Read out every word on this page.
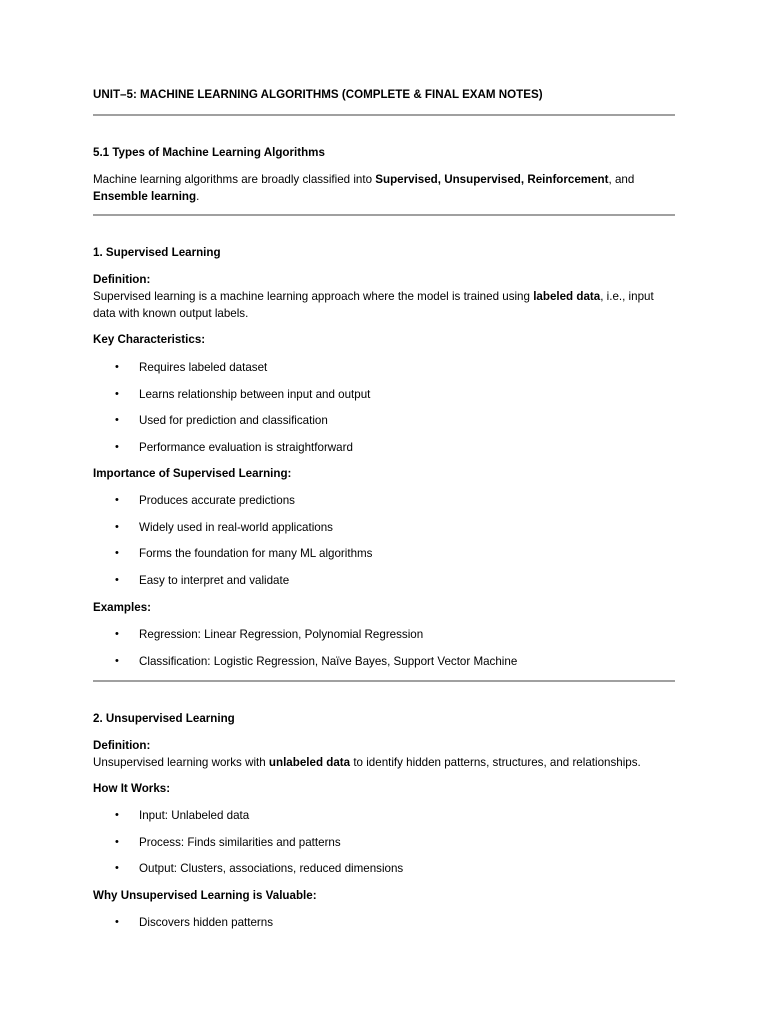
UNIT–5: MACHINE LEARNING ALGORITHMS (COMPLETE & FINAL EXAM NOTES)
5.1 Types of Machine Learning Algorithms
Machine learning algorithms are broadly classified into Supervised, Unsupervised, Reinforcement, and Ensemble learning.
1. Supervised Learning
Definition:
Supervised learning is a machine learning approach where the model is trained using labeled data, i.e., input data with known output labels.
Key Characteristics:
• Requires labeled dataset
• Learns relationship between input and output
• Used for prediction and classification
• Performance evaluation is straightforward
Importance of Supervised Learning:
• Produces accurate predictions
• Widely used in real-world applications
• Forms the foundation for many ML algorithms
• Easy to interpret and validate
Examples:
• Regression: Linear Regression, Polynomial Regression
• Classification: Logistic Regression, Naïve Bayes, Support Vector Machine
2. Unsupervised Learning
Definition:
Unsupervised learning works with unlabeled data to identify hidden patterns, structures, and relationships.
How It Works:
• Input: Unlabeled data
• Process: Finds similarities and patterns
• Output: Clusters, associations, reduced dimensions
Why Unsupervised Learning is Valuable:
• Discovers hidden patterns
